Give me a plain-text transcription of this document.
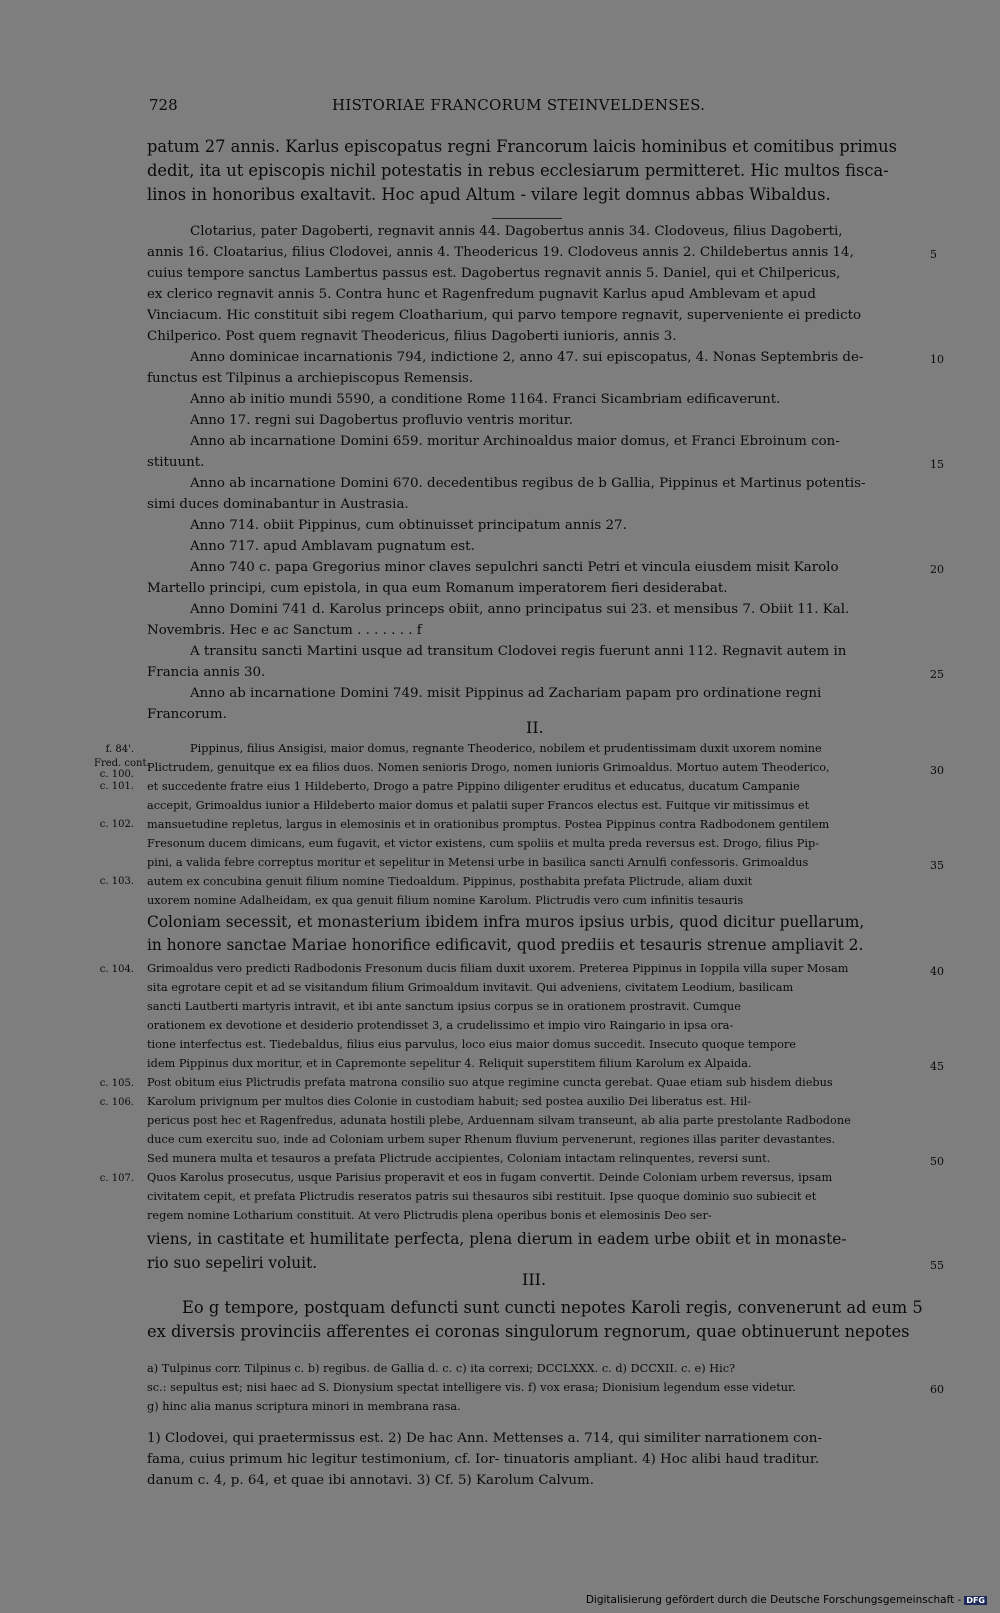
728	HISTORIAE FRANCORUM STEINVELDENSES.
patum 27 annis. Karlus episcopatus regni Francorum laicis hominibus et comitibus primus
dedit, ita ut episcopis nichil potestatis in rebus ecclesiarum permitteret. Hic multos fisca-
linos in honoribus exaltavit. Hoc apud Altum - vilare legit domnus abbas Wibaldus.
Clotarius, pater Dagoberti, regnavit annis 44. Dagobertus annis 34. Clodoveus, filius Dagoberti,
annis 16. Cloatarius, filius Clodovei, annis 4. Theodericus 19. Clodoveus annis 2. Childebertus annis 14,
cuius tempore sanctus Lambertus passus est. Dagobertus regnavit annis 5. Daniel, qui et Chilpericus,
ex clerico regnavit annis 5. Contra hunc et Ragenfredum pugnavit Karlus apud Amblevam et apud
Vinciacum. Hic constituit sibi regem Cloatharium, qui parvo tempore regnavit, superveniente ei predicto
Chilperico. Post quem regnavit Theodericus, filius Dagoberti iunioris, annis 3.
Anno dominicae incarnationis 794, indictione 2, anno 47. sui episcopatus, 4. Nonas Septembris de-
functus est Tilpinus a archiepiscopus Remensis.
Anno ab initio mundi 5590, a conditione Rome 1164. Franci Sicambriam edificaverunt.
Anno 17. regni sui Dagobertus profluvio ventris moritur.
Anno ab incarnatione Domini 659. moritur Archinoaldus maior domus, et Franci Ebroinum con-
stituunt.
Anno ab incarnatione Domini 670. decedentibus regibus de b Gallia, Pippinus et Martinus potentis-
simi duces dominabantur in Austrasia.
Anno 714. obiit Pippinus, cum obtinuisset principatum annis 27.
Anno 717. apud Amblavam pugnatum est.
Anno 740 c. papa Gregorius minor claves sepulchri sancti Petri et vincula eiusdem misit Karolo
Martello principi, cum epistola, in qua eum Romanum imperatorem fieri desiderabat.
Anno Domini 741 d. Karolus princeps obiit, anno principatus sui 23. et mensibus 7. Obiit 11. Kal.
Novembris. Hec e ac Sanctum . . . . . . . f
A transitu sancti Martini usque ad transitum Clodovei regis fuerunt anni 112. Regnavit autem in
Francia annis 30.
Anno ab incarnatione Domini 749. misit Pippinus ad Zachariam papam pro ordinatione regni
Francorum.
II.
Pippinus, filius Ansigisi, maior domus, regnante Theoderico, nobilem et prudentissimam duxit uxorem nomine
Plictrudem, genuitque ex ea filios duos. Nomen senioris Drogo, nomen iunioris Grimoaldus. Mortuo autem Theoderico,
et succedente fratre eius 1 Hildeberto, Drogo a patre Pippino diligenter eruditus et educatus, ducatum Campanie
accepit, Grimoaldus iunior a Hildeberto maior domus et palatii super Francos electus est. Fuitque vir mitissimus et
mansuetudine repletus, largus in elemosinis et in orationibus promptus. Postea Pippinus contra Radbodonem gentilem
Fresonum ducem dimicans, eum fugavit, et victor existens, cum spoliis et multa preda reversus est. Drogo, filius Pip-
pini, a valida febre correptus moritur et sepelitur in Metensi urbe in basilica sancti Arnulfi confessoris. Grimoaldus
autem ex concubina genuit filium nomine Tiedoaldum. Pippinus, posthabita prefata Plictrude, aliam duxit
uxorem nomine Adalheidam, ex qua genuit filium nomine Karolum. Plictrudis vero cum infinitis tesauris
Coloniam secessit, et monasterium ibidem infra muros ipsius urbis, quod dicitur puellarum,
in honore sanctae Mariae honorifice edificavit, quod prediis et tesauris strenue ampliavit 2.
Grimoaldus vero predicti Radbodonis Fresonum ducis filiam duxit uxorem. Preterea Pippinus in Ioppila villa super Mosam
sita egrotare cepit et ad se visitandum filium Grimoaldum invitavit. Qui adveniens, civitatem Leodium, basilicam
sancti Lautberti martyris intravit, et ibi ante sanctum ipsius corpus se in orationem prostravit. Cumque
orationem ex devotione et desiderio protendisset 3, a crudelissimo et impio viro Raingario in ipsa ora-
tione interfectus est. Tiedebaldus, filius eius parvulus, loco eius maior domus succedit. Insecuto quoque tempore
idem Pippinus dux moritur, et in Capremonte sepelitur 4. Reliquit superstitem filium Karolum ex Alpaida.
Post obitum eius Plictrudis prefata matrona consilio suo atque regimine cuncta gerebat. Quae etiam sub hisdem diebus
Karolum privignum per multos dies Colonie in custodiam habuit; sed postea auxilio Dei liberatus est. Hil-
pericus post hec et Ragenfredus, adunata hostili plebe, Arduennam silvam transeunt, ab alia parte prestolante Radbodone
duce cum exercitu suo, inde ad Coloniam urbem super Rhenum fluvium pervenerunt, regiones illas pariter devastantes.
Sed munera multa et tesauros a prefata Plictrude accipientes, Coloniam intactam relinquentes, reversi sunt.
Quos Karolus prosecutus, usque Parisius properavit et eos in fugam convertit. Deinde Coloniam urbem reversus, ipsam
civitatem cepit, et prefata Plictrudis reseratos patris sui thesauros sibi restituit. Ipse quoque dominio suo subiecit et
regem nomine Lotharium constituit. At vero Plictrudis plena operibus bonis et elemosinis Deo ser-
viens, in castitate et humilitate perfecta, plena dierum in eadem urbe obiit et in monaste-
rio suo sepeliri voluit.
III.
Eo g tempore, postquam defuncti sunt cuncti nepotes Karoli regis, convenerunt ad eum 5
ex diversis provinciis afferentes ei coronas singulorum regnorum, quae obtinuerunt nepotes
a) Tulpinus corr. Tilpinus c. b) regibus. de Gallia d. c. c) ita correxi; DCCLXXX. c. d) DCCXII. c. e) Hic?
sc.: sepultus est; nisi haec ad S. Dionysium spectat intelligere vis. f) vox erasa; Dionisium legendum esse videtur.
g) hinc alia manus scriptura minori in membrana rasa.
1) Clodovei, qui praetermissus est. 2) De hac Ann. Mettenses a. 714, qui similiter narrationem con-
fama, cuius primum hic legitur testimonium, cf. Ior- tinuatoris ampliant. 4) Hoc alibi haud traditur.
danum c. 4, p. 64, et quae ibi annotavi. 3) Cf. 5) Karolum Calvum.
f. 84'.
Fred. cont.
c. 100.
c. 101.
c. 102.
c. 103.
c. 104.
c. 105.
c. 106.
c. 107.
5
10
15
20
25
30
35
40
45
50
55
60
Digitalisierung gefördert durch die Deutsche Forschungsgemeinschaft - DFG
